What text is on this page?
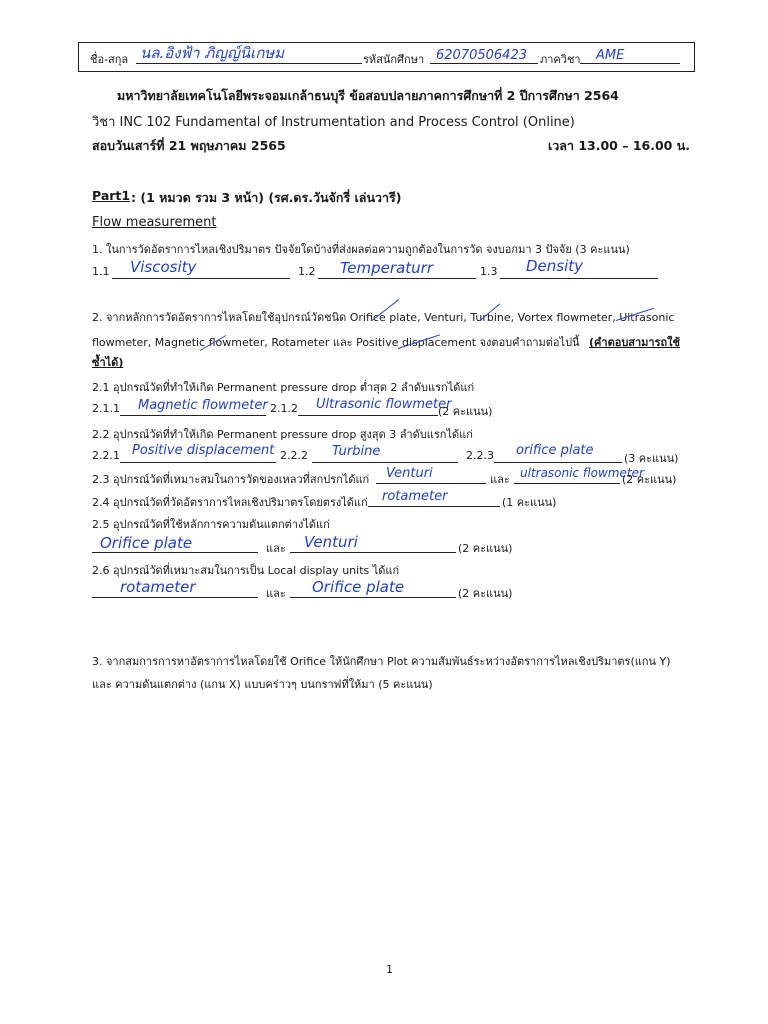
ชื่อ-สกุล นล.อิงฟ้า ภิญญ์นิเกษม	รหัสนักศึกษา 62070506423 ภาควิชา AME
มหาวิทยาลัยเทคโนโลยีพระจอมเกล้าธนบุรี ข้อสอบปลายภาคการศึกษาที่ 2 ปีการศึกษา 2564
วิชา INC 102 Fundamental of Instrumentation and Process Control (Online)
สอบวันเสาร์ที่ 21 พฤษภาคม 2565	เวลา 13.00 – 16.00 น.
Part1 : (1 หมวด รวม 3 หน้า) (รศ.ดร.วันจักรี่ เล่นวารี)
Flow measurement
1. ในการวัดอัตราการไหลเชิงปริมาตร ปัจจัยใดบ้างที่ส่งผลต่อความถูกต้องในการวัด จงบอกมา 3 ปัจจัย (3 คะแนน)
1.1 Viscosity	1.2 Temperaturr	1.3 Density
2. จากหลักการวัดอัตราการไหลโดยใช้อุปกรณ์วัดชนิด Orifice plate, Venturi, Turbine, Vortex flowmeter, Ultrasonic
flowmeter, Magnetic flowmeter, Rotameter และ Positive displacement จงตอบคำถามต่อไปนี้ (คำตอบสามารถใช้
ซ้ำได้)
2.1 อุปกรณ์วัดที่ทำให้เกิด Permanent pressure drop ต่ำสุด 2 ลำดับแรกได้แก่
2.1.1 Magnetic flowmeter 2.1.2 Ultrasonic flowmeter
(2 คะแนน)
2.2 อุปกรณ์วัดที่ทำให้เกิด Permanent pressure drop สูงสุด 3 ลำดับแรกได้แก่
2.2.1 Positive displacement 2.2.2 Turbine	2.2.3 orifice plate
(3 คะแนน)
2.3 อุปกรณ์วัดที่เหมาะสมในการวัดของเหลวที่สกปรกได้แก่ Venturi	และ ultrasonic flowmeter
(2 คะแนน)
2.4 อุปกรณ์วัดที่วัดอัตราการไหลเชิงปริมาตรโดยตรงได้แก่ rotameter	(1 คะแนน)
2.5 อุปกรณ์วัดที่ใช้หลักการความดันแตกต่างได้แก่
Orifice plate	และ Venturi	(2 คะแนน)
2.6 อุปกรณ์วัดที่เหมาะสมในการเป็น Local display units ได้แก่
rotameter	และ Orifice plate	(2 คะแนน)
3. จากสมการการหาอัตราการไหลโดยใช้ Orifice ให้นักศึกษา Plot ความสัมพันธ์ระหว่างอัตราการไหลเชิงปริมาตร(แกน Y)
และ ความดันแตกต่าง (แกน X) แบบคร่าวๆ บนกราฟที่ให้มา (5 คะแนน)
1
